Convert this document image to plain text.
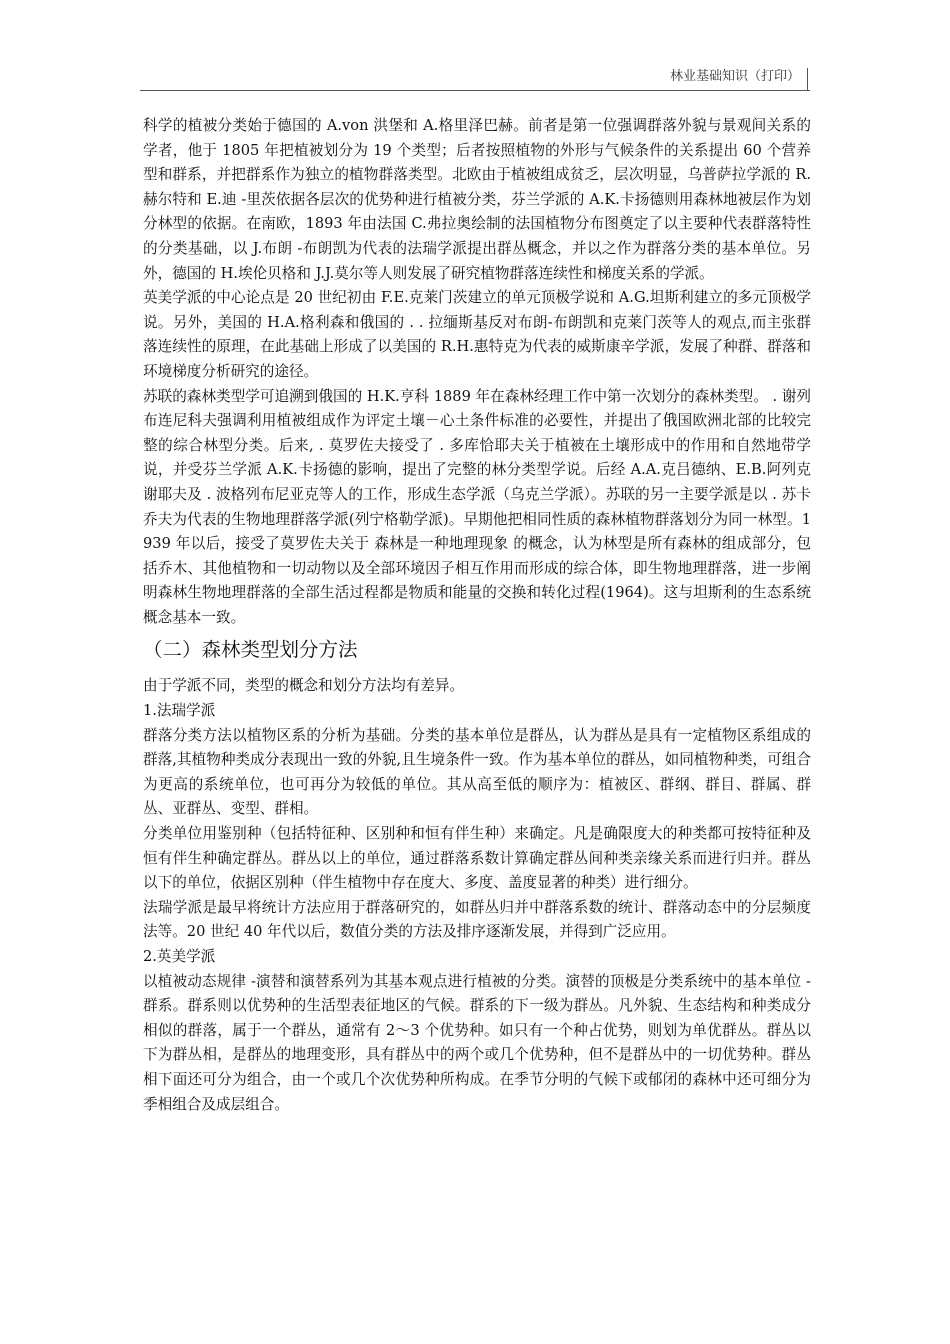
林业基础知识（打印）

科学的植被分类始于德国的 A.von 洪堡和 A.格里泽巴赫。前者是第一位强调群落外貌与景观间关系的学者，他于 1805 年把植被划分为 19 个类型；后者按照植物的外形与气候条件的关系提出 60 个营养型和群系，并把群系作为独立的植物群落类型。北欧由于植被组成贫乏，层次明显，乌普萨拉学派的 R.赫尔特和 E.迪 -里茨依据各层次的优势种进行植被分类，芬兰学派的 A.K.卡扬德则用森林地被层作为划分林型的依据。在南欧，1893 年由法国 C.弗拉奥绘制的法国植物分布图奠定了以主要种代表群落特性的分类基础，以 J.布朗 -布朗凯为代表的法瑞学派提出群丛概念，并以之作为群落分类的基本单位。另外，德国的 H.埃伦贝格和 J.J.莫尔等人则发展了研究植物群落连续性和梯度关系的学派。

英美学派的中心论点是 20 世纪初由 F.E.克莱门茨建立的单元顶极学说和 A.G.坦斯利建立的多元顶极学说。另外，美国的 H.A.格利森和俄国的 . . 拉缅斯基反对布朗-布朗凯和克莱门茨等人的观点,而主张群落连续性的原理，在此基础上形成了以美国的 R.H.惠特克为代表的威斯康辛学派，发展了种群、群落和环境梯度分析研究的途径。

苏联的森林类型学可追溯到俄国的 H.K.亨科 1889 年在森林经理工作中第一次划分的森林类型。 . 谢列布连尼科夫强调利用植被组成作为评定土壤－心土条件标准的必要性，并提出了俄国欧洲北部的比较完整的综合林型分类。后来, . 莫罗佐夫接受了 . 多库恰耶夫关于植被在土壤形成中的作用和自然地带学说，并受芬兰学派 A.K.卡扬德的影响，提出了完整的林分类型学说。后经 A.A.克吕德纳、E.B.阿列克谢耶夫及 . 波格列布尼亚克等人的工作，形成生态学派（乌克兰学派）。苏联的另一主要学派是以 . 苏卡乔夫为代表的生物地理群落学派(列宁格勒学派)。早期他把相同性质的森林植物群落划分为同一林型。1939 年以后，接受了莫罗佐夫关于 森林是一种地理现象 的概念，认为林型是所有森林的组成部分，包括乔木、其他植物和一切动物以及全部环境因子相互作用而形成的综合体，即生物地理群落，进一步阐明森林生物地理群落的全部生活过程都是物质和能量的交换和转化过程(1964)。这与坦斯利的生态系统概念基本一致。

（二）森林类型划分方法

由于学派不同，类型的概念和划分方法均有差异。

1.法瑞学派

群落分类方法以植物区系的分析为基础。分类的基本单位是群丛，认为群丛是具有一定植物区系组成的群落,其植物种类成分表现出一致的外貌,且生境条件一致。作为基本单位的群丛，如同植物种类，可组合为更高的系统单位，也可再分为较低的单位。其从高至低的顺序为：植被区、群纲、群目、群属、群丛、亚群丛、变型、群相。

分类单位用鉴别种（包括特征种、区别种和恒有伴生种）来确定。凡是确限度大的种类都可按特征种及恒有伴生种确定群丛。群丛以上的单位，通过群落系数计算确定群丛间种类亲缘关系而进行归并。群丛以下的单位，依据区别种（伴生植物中存在度大、多度、盖度显著的种类）进行细分。

法瑞学派是最早将统计方法应用于群落研究的，如群丛归并中群落系数的统计、群落动态中的分层频度法等。20 世纪 40 年代以后，数值分类的方法及排序逐渐发展，并得到广泛应用。

2.英美学派

以植被动态规律 -演替和演替系列为其基本观点进行植被的分类。演替的顶极是分类系统中的基本单位 -群系。群系则以优势种的生活型表征地区的气候。群系的下一级为群丛。凡外貌、生态结构和种类成分相似的群落，属于一个群丛，通常有 2～3 个优势种。如只有一个种占优势，则划为单优群丛。群丛以下为群丛相，是群丛的地理变形，具有群丛中的两个或几个优势种，但不是群丛中的一切优势种。群丛相下面还可分为组合，由一个或几个次优势种所构成。在季节分明的气候下或郁闭的森林中还可细分为季相组合及成层组合。
